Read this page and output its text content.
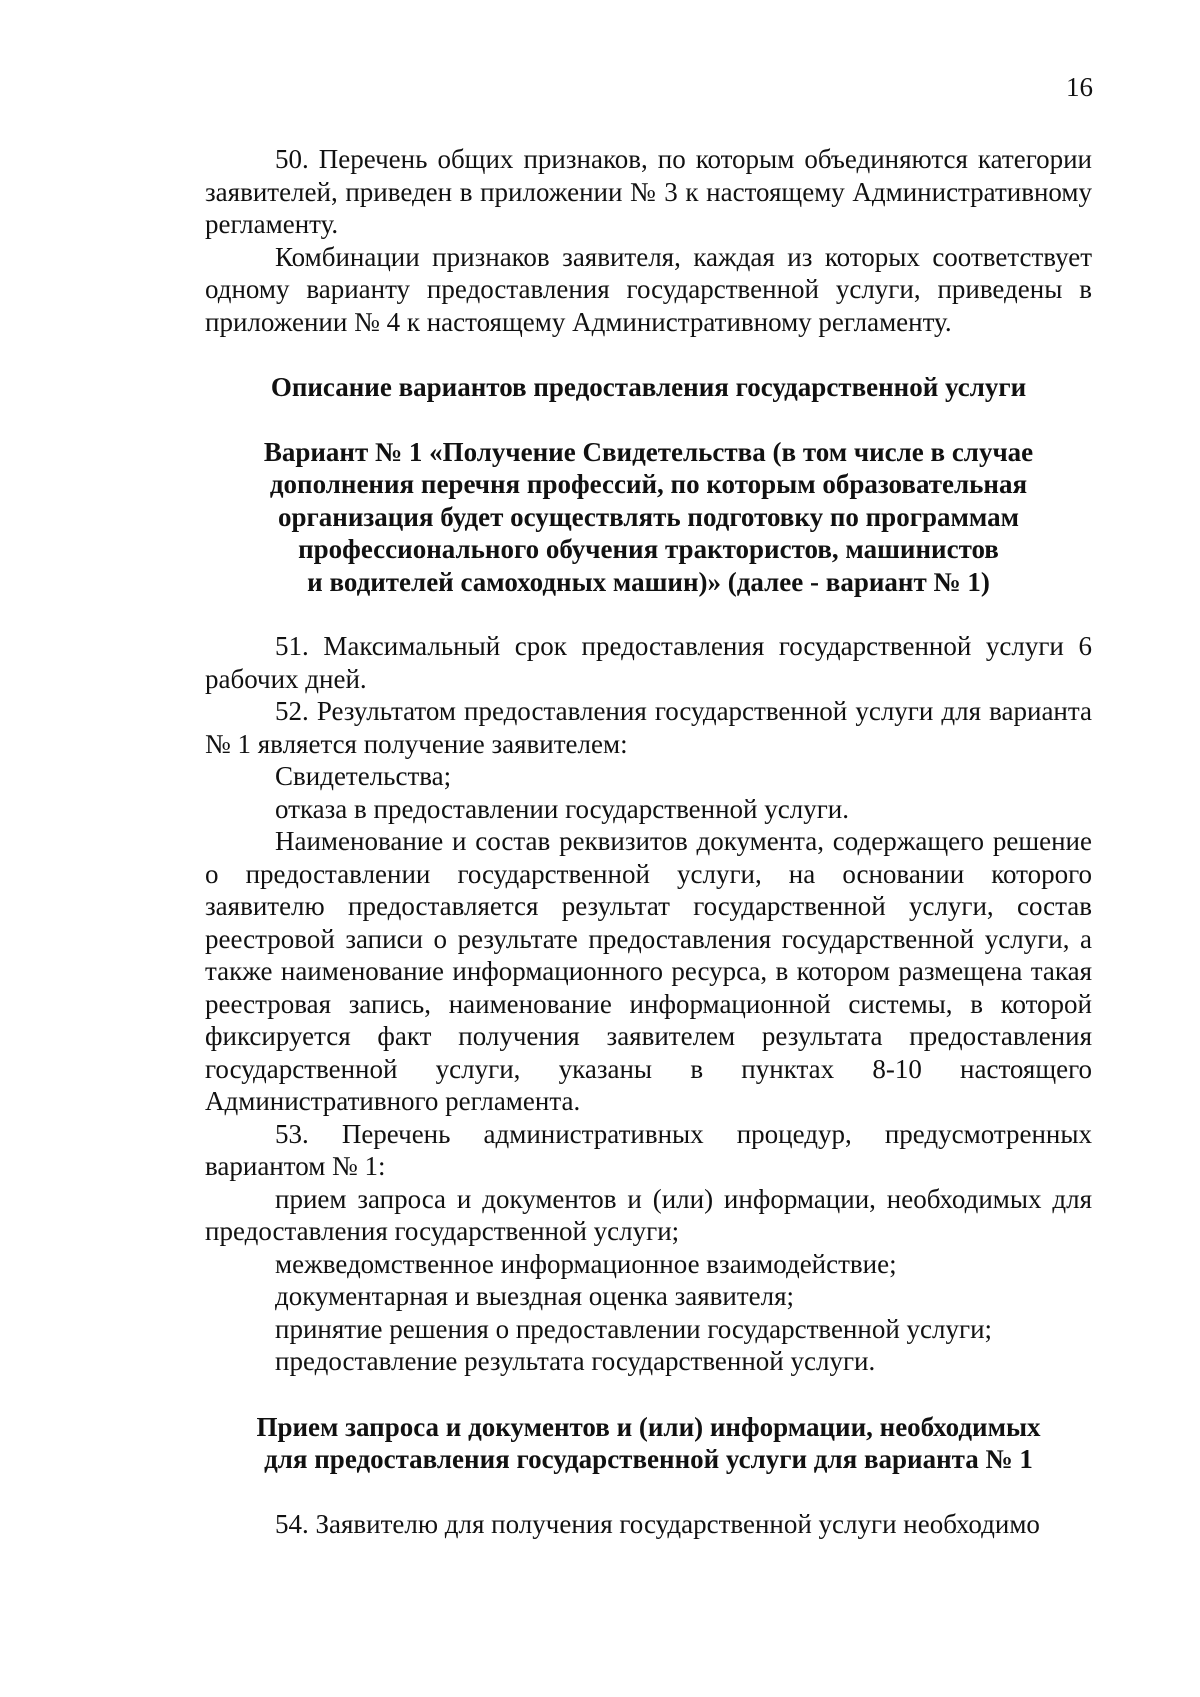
16

50. Перечень общих признаков, по которым объединяются категории заявителей, приведен в приложении № 3 к настоящему Административному регламенту.

Комбинации признаков заявителя, каждая из которых соответствует одному варианту предоставления государственной услуги, приведены в приложении № 4 к настоящему Административному регламенту.

Описание вариантов предоставления государственной услуги

Вариант № 1 «Получение Свидетельства (в том числе в случае

дополнения перечня профессий, по которым образовательная

организация будет осуществлять подготовку по программам

профессионального обучения трактористов, машинистов

и водителей самоходных машин)» (далее - вариант № 1)

51. Максимальный срок предоставления государственной услуги 6 рабочих дней.

52. Результатом предоставления государственной услуги для варианта № 1 является получение заявителем:

Свидетельства;

отказа в предоставлении государственной услуги.

Наименование и состав реквизитов документа, содержащего решение о предоставлении государственной услуги, на основании которого заявителю предоставляется результат государственной услуги, состав реестровой записи о результате предоставления государственной услуги, а также наименование информационного ресурса, в котором размещена такая реестровая запись, наименование информационной системы, в которой фиксируется факт получения заявителем результата предоставления государственной услуги, указаны в пунктах 8-10 настоящего Административного регламента.

53. Перечень административных процедур, предусмотренных вариантом № 1:

прием запроса и документов и (или) информации, необходимых для предоставления государственной услуги;

межведомственное информационное взаимодействие;

документарная и выездная оценка заявителя;

принятие решения о предоставлении государственной услуги;

предоставление результата государственной услуги.

Прием запроса и документов и (или) информации, необходимых

для предоставления государственной услуги для варианта № 1

54. Заявителю для получения государственной услуги необходимо
